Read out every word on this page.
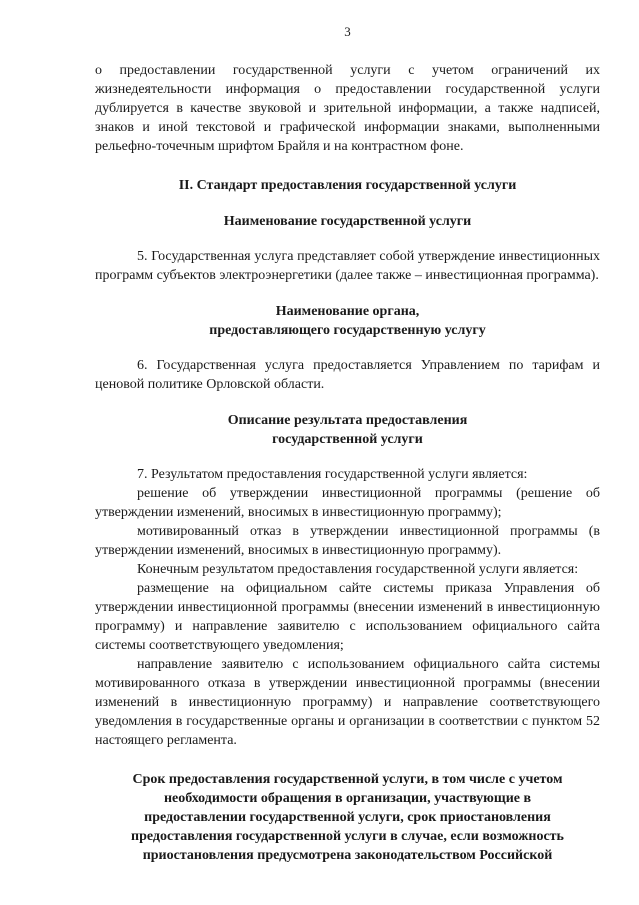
3

о предоставлении государственной услуги с учетом ограничений их жизнедеятельности информация о предоставлении государственной услуги дублируется в качестве звуковой и зрительной информации, а также надписей, знаков и иной текстовой и графической информации знаками, выполненными рельефно-точечным шрифтом Брайля и на контрастном фоне.

II. Стандарт предоставления государственной услуги
Наименование государственной услуги

5. Государственная услуга представляет собой утверждение инвестиционных программ субъектов электроэнергетики (далее также – инвестиционная программа).

Наименование органа,
предоставляющего государственную услугу

6. Государственная услуга предоставляется Управлением по тарифам и ценовой политике Орловской области.

Описание результата предоставления
государственной услуги

7. Результатом предоставления государственной услуги является:

решение об утверждении инвестиционной программы (решение об утверждении изменений, вносимых в инвестиционную программу);

мотивированный отказ в утверждении инвестиционной программы (в утверждении изменений, вносимых в инвестиционную программу).

Конечным результатом предоставления государственной услуги является:

размещение на официальном сайте системы приказа Управления об утверждении инвестиционной программы (внесении изменений в инвестиционную программу) и направление заявителю с использованием официального сайта системы соответствующего уведомления;

направление заявителю с использованием официального сайта системы мотивированного отказа в утверждении инвестиционной программы (внесении изменений в инвестиционную программу) и направление соответствующего уведомления в государственные органы и организации в соответствии с пунктом 52 настоящего регламента.

Срок предоставления государственной услуги, в том числе с учетом
необходимости обращения в организации, участвующие в
предоставлении государственной услуги, срок приостановления
предоставления государственной услуги в случае, если возможность
приостановления предусмотрена законодательством Российской
